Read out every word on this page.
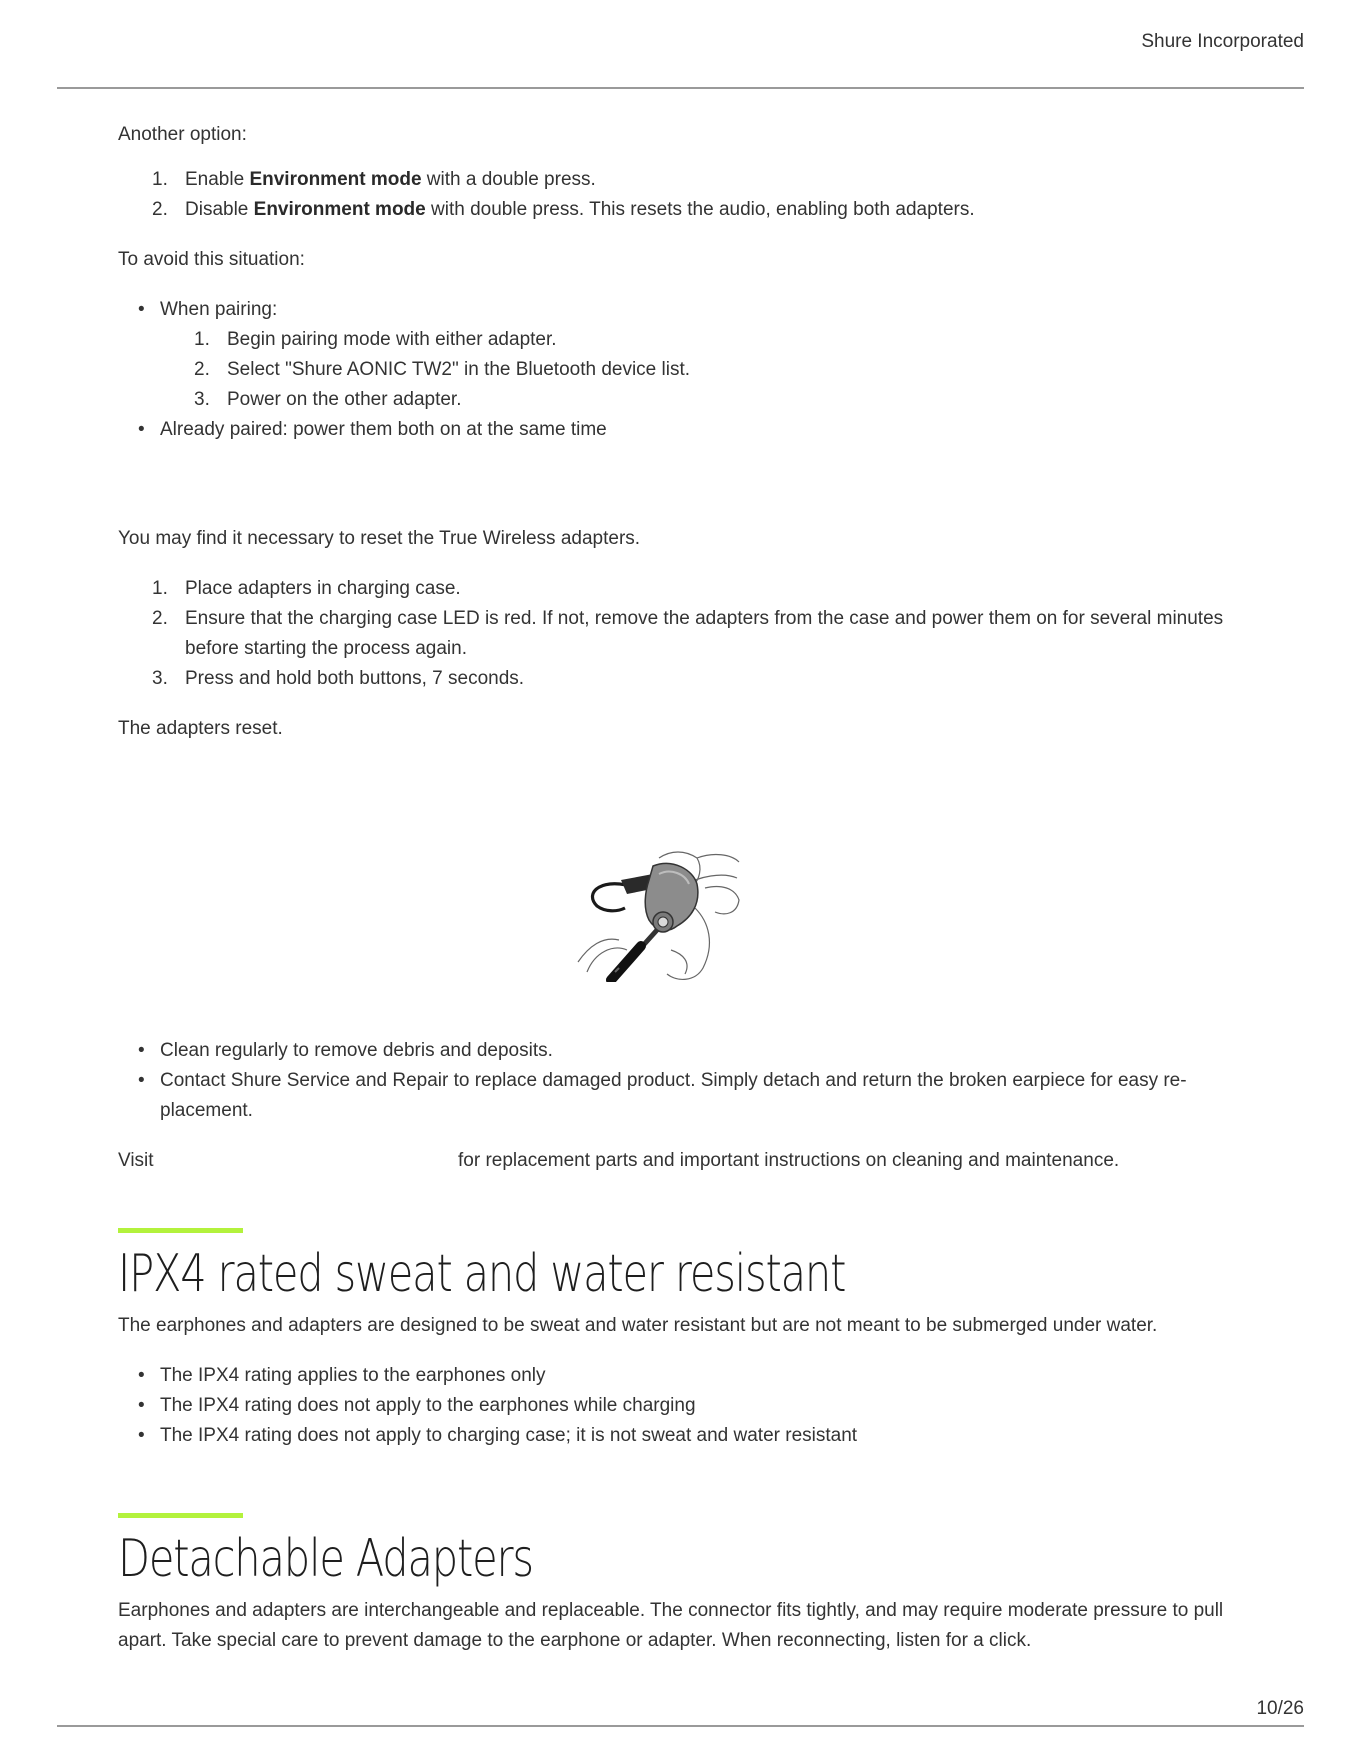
Shure Incorporated

Another option:

1. Enable Environment mode with a double press.
2. Disable Environment mode with double press. This resets the audio, enabling both adapters.

To avoid this situation:

• When pairing:
1. Begin pairing mode with either adapter.
2. Select "Shure AONIC TW2" in the Bluetooth device list.
3. Power on the other adapter.
• Already paired: power them both on at the same time

You may find it necessary to reset the True Wireless adapters.

1. Place adapters in charging case.
2. Ensure that the charging case LED is red. If not, remove the adapters from the case and power them on for several minutes before starting the process again.
3. Press and hold both buttons, 7 seconds.

The adapters reset.

• Clean regularly to remove debris and deposits.
• Contact Shure Service and Repair to replace damaged product. Simply detach and return the broken earpiece for easy re-placement.

Visit	for replacement parts and important instructions on cleaning and maintenance.

IPX4 rated sweat and water resistant

The earphones and adapters are designed to be sweat and water resistant but are not meant to be submerged under water.

• The IPX4 rating applies to the earphones only
• The IPX4 rating does not apply to the earphones while charging
• The IPX4 rating does not apply to charging case; it is not sweat and water resistant
Detachable Adapters

Earphones and adapters are interchangeable and replaceable. The connector fits tightly, and may require moderate pressure to pull apart. Take special care to prevent damage to the earphone or adapter. When reconnecting, listen for a click.

10/26
